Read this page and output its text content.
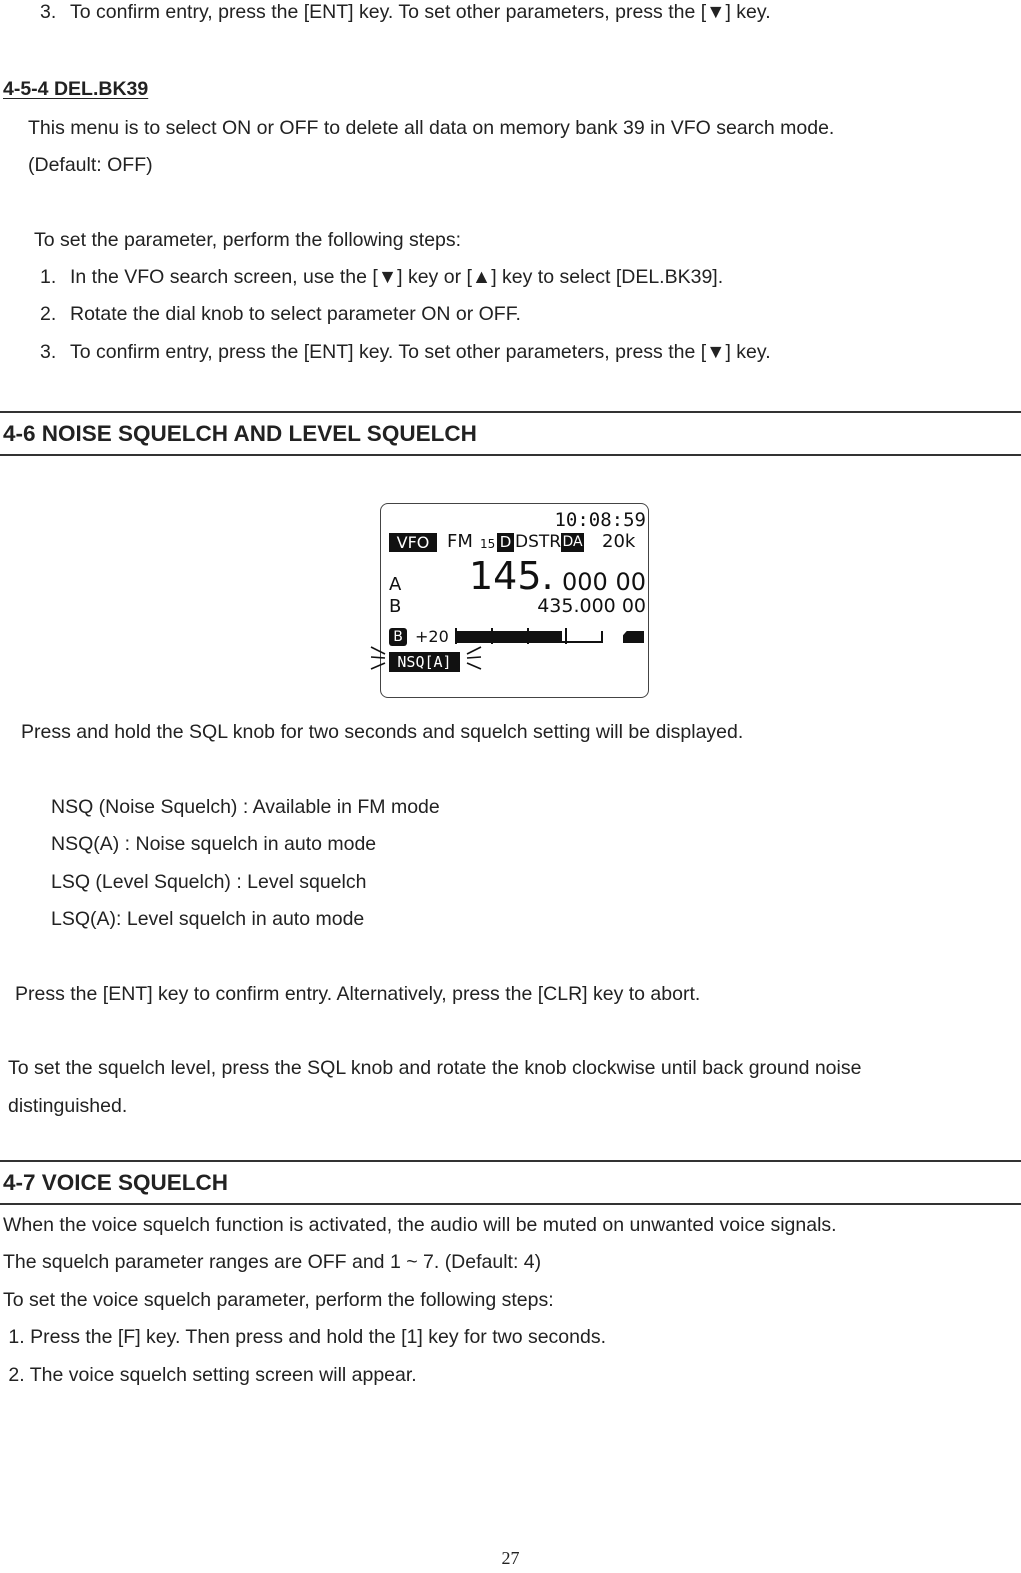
3. To confirm entry, press the [ENT] key. To set other parameters, press the [▼] key.
4-5-4 DEL.BK39
This menu is to select ON or OFF to delete all data on memory bank 39 in VFO search mode.
(Default: OFF)
To set the parameter, perform the following steps:
1. In the VFO search screen, use the [▼] key or [▲] key to select [DEL.BK39].
2. Rotate the dial knob to select parameter ON or OFF.
3. To confirm entry, press the [ENT] key. To set other parameters, press the [▼] key.
4-6 NOISE SQUELCH AND LEVEL SQUELCH
10:08:59
VFO FM 15 D DSTR DA 20k
A 145. 000 00
B	435.000 00
B +20
NSQ[A]
Press and hold the SQL knob for two seconds and squelch setting will be displayed.
NSQ (Noise Squelch) : Available in FM mode
NSQ(A) : Noise squelch in auto mode
LSQ (Level Squelch) : Level squelch
LSQ(A): Level squelch in auto mode
Press the [ENT] key to confirm entry. Alternatively, press the [CLR] key to abort.
To set the squelch level, press the SQL knob and rotate the knob clockwise until back ground noise
distinguished.
4-7 VOICE SQUELCH
When the voice squelch function is activated, the audio will be muted on unwanted voice signals.
The squelch parameter ranges are OFF and 1 ~ 7. (Default: 4)
To set the voice squelch parameter, perform the following steps:
1. Press the [F] key. Then press and hold the [1] key for two seconds.
2. The voice squelch setting screen will appear.
27
